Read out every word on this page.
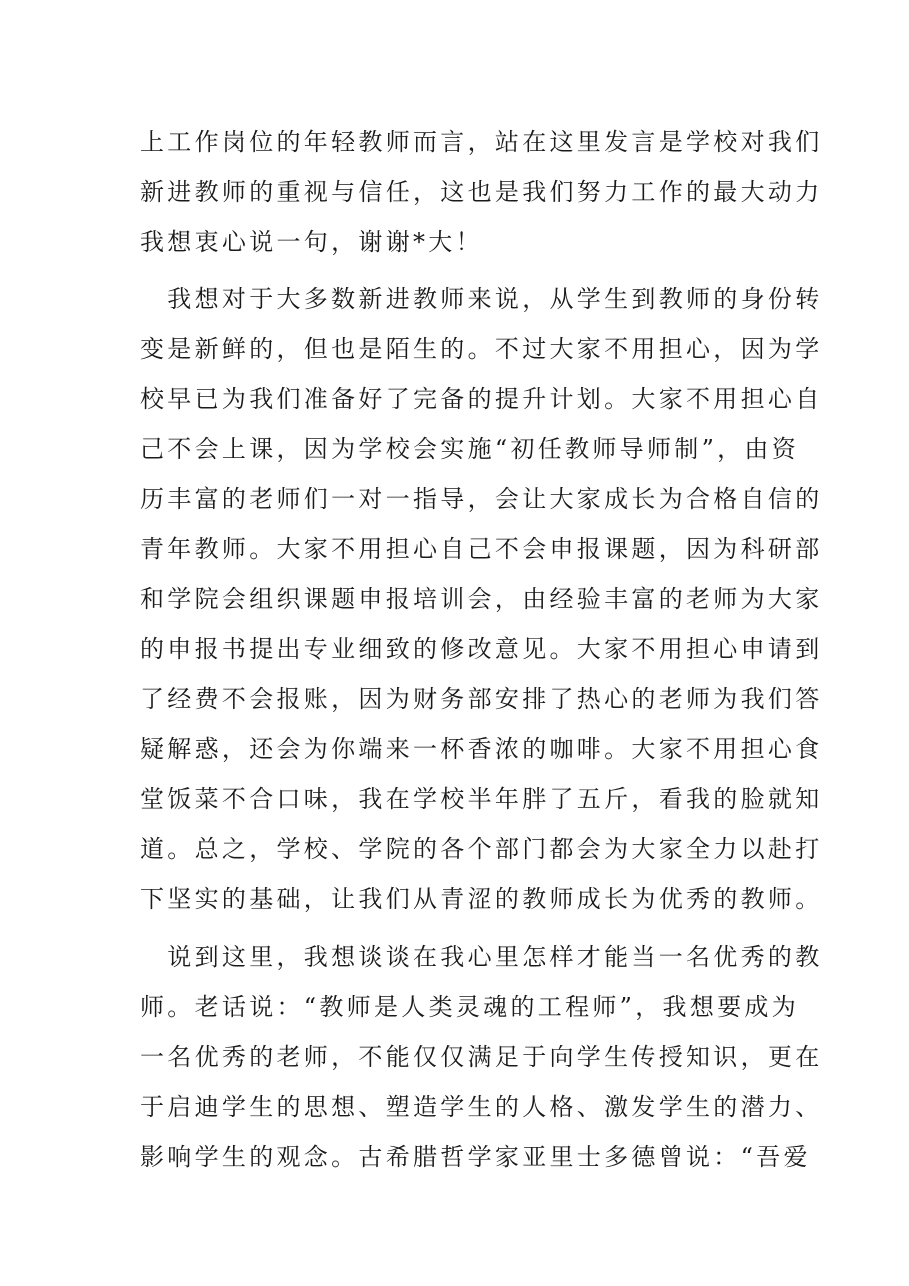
上工作岗位的年轻教师而言，站在这里发言是学校对我们
新进教师的重视与信任，这也是我们努力工作的最大动力
我想衷心说一句，谢谢*大！
　我想对于大多数新进教师来说，从学生到教师的身份转
变是新鲜的，但也是陌生的。不过大家不用担心，因为学
校早已为我们准备好了完备的提升计划。大家不用担心自
己不会上课，因为学校会实施“初任教师导师制”，由资
历丰富的老师们一对一指导，会让大家成长为合格自信的
青年教师。大家不用担心自己不会申报课题，因为科研部
和学院会组织课题申报培训会，由经验丰富的老师为大家
的申报书提出专业细致的修改意见。大家不用担心申请到
了经费不会报账，因为财务部安排了热心的老师为我们答
疑解惑，还会为你端来一杯香浓的咖啡。大家不用担心食
堂饭菜不合口味，我在学校半年胖了五斤，看我的脸就知
道。总之，学校、学院的各个部门都会为大家全力以赴打
下坚实的基础，让我们从青涩的教师成长为优秀的教师。
　说到这里，我想谈谈在我心里怎样才能当一名优秀的教
师。老话说：“教师是人类灵魂的工程师”，我想要成为
一名优秀的老师，不能仅仅满足于向学生传授知识，更在
于启迪学生的思想、塑造学生的人格、激发学生的潜力、
影响学生的观念。古希腊哲学家亚里士多德曾说：“吾爱
